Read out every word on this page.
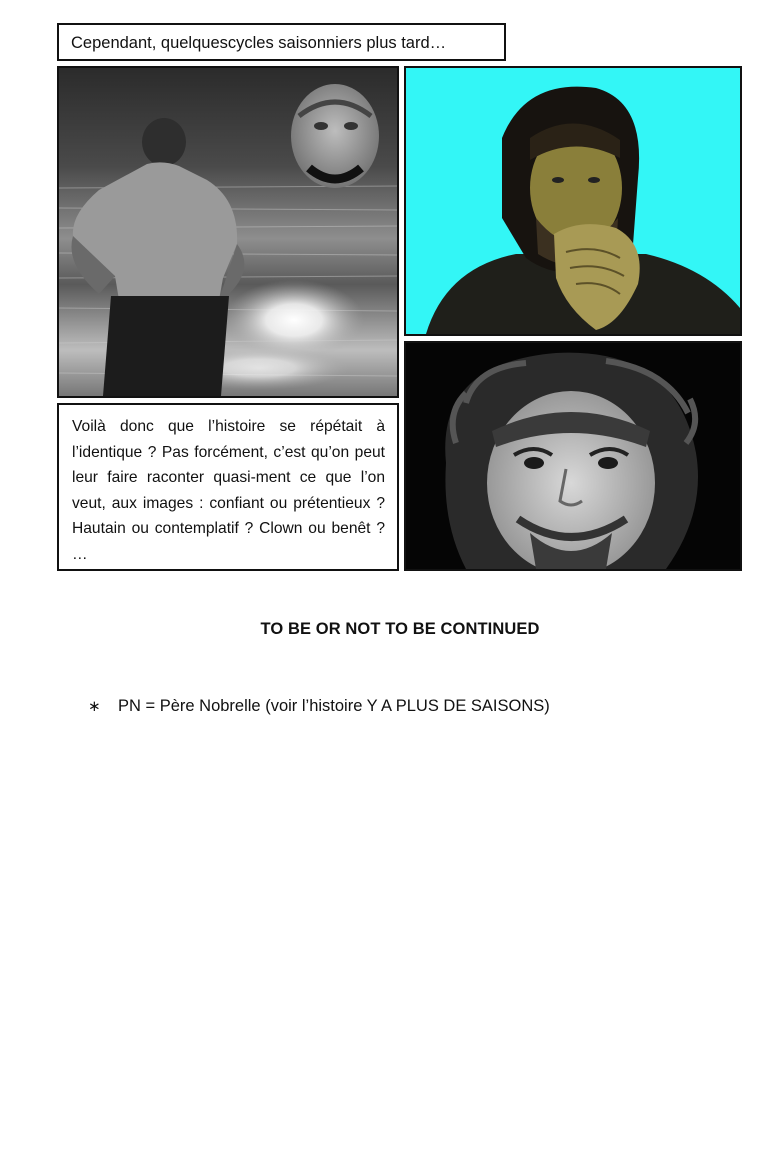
Cependant, quelquescycles saisonniers plus tard…

Voilà donc que l’histoire se répétait à l’identique ? Pas forcément, c’est qu’on peut leur faire raconter quasi-ment ce que l’on veut, aux images : confiant ou prétentieux ? Hautain ou contemplatif ? Clown ou benêt ? …

TO BE OR NOT TO BE CONTINUED
∗ PN = Père Nobrelle (voir l’histoire Y A PLUS DE SAISONS)
